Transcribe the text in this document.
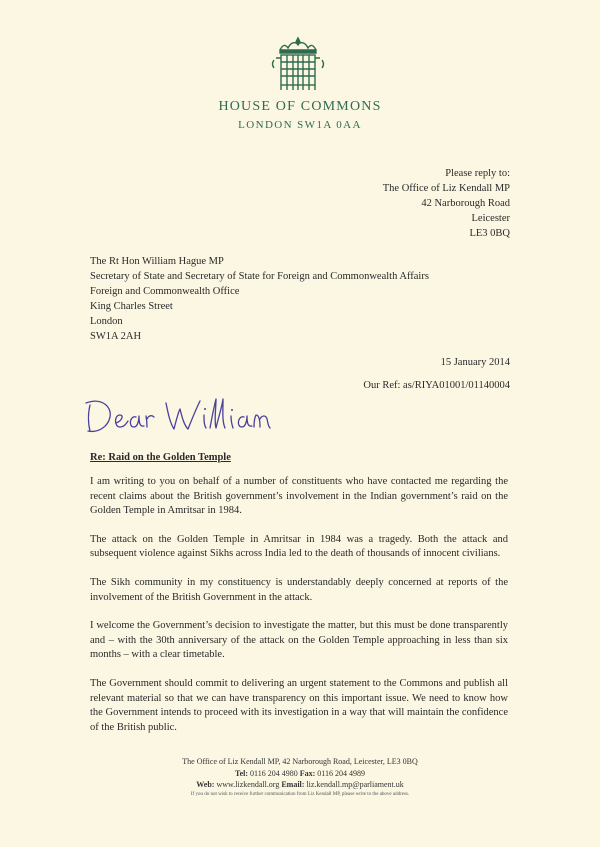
HOUSE OF COMMONS
LONDON SW1A 0AA
Please reply to:
The Office of Liz Kendall MP
42 Narborough Road
Leicester
LE3 0BQ
The Rt Hon William Hague MP
Secretary of State and Secretary of State for Foreign and Commonwealth Affairs
Foreign and Commonwealth Office
King Charles Street
London
SW1A 2AH
15 January 2014
Our Ref: as/RIYA01001/01140004
Re: Raid on the Golden Temple

I am writing to you on behalf of a number of constituents who have contacted me regarding the recent claims about the British government’s involvement in the Indian government’s raid on the Golden Temple in Amritsar in 1984.

The attack on the Golden Temple in Amritsar in 1984 was a tragedy. Both the attack and subsequent violence against Sikhs across India led to the death of thousands of innocent civilians.

The Sikh community in my constituency is understandably deeply concerned at reports of the involvement of the British Government in the attack.

I welcome the Government’s decision to investigate the matter, but this must be done transparently and – with the 30th anniversary of the attack on the Golden Temple approaching in less than six months – with a clear timetable.

The Government should commit to delivering an urgent statement to the Commons and publish all relevant material so that we can have transparency on this important issue. We need to know how the Government intends to proceed with its investigation in a way that will maintain the confidence of the British public.

The Office of Liz Kendall MP, 42 Narborough Road, Leicester, LE3 0BQ
Tel: 0116 204 4980 Fax: 0116 204 4989
Web: www.lizkendall.org Email: liz.kendall.mp@parliament.uk
If you do not wish to receive further communication from Liz Kendall MP, please write to the above address.
